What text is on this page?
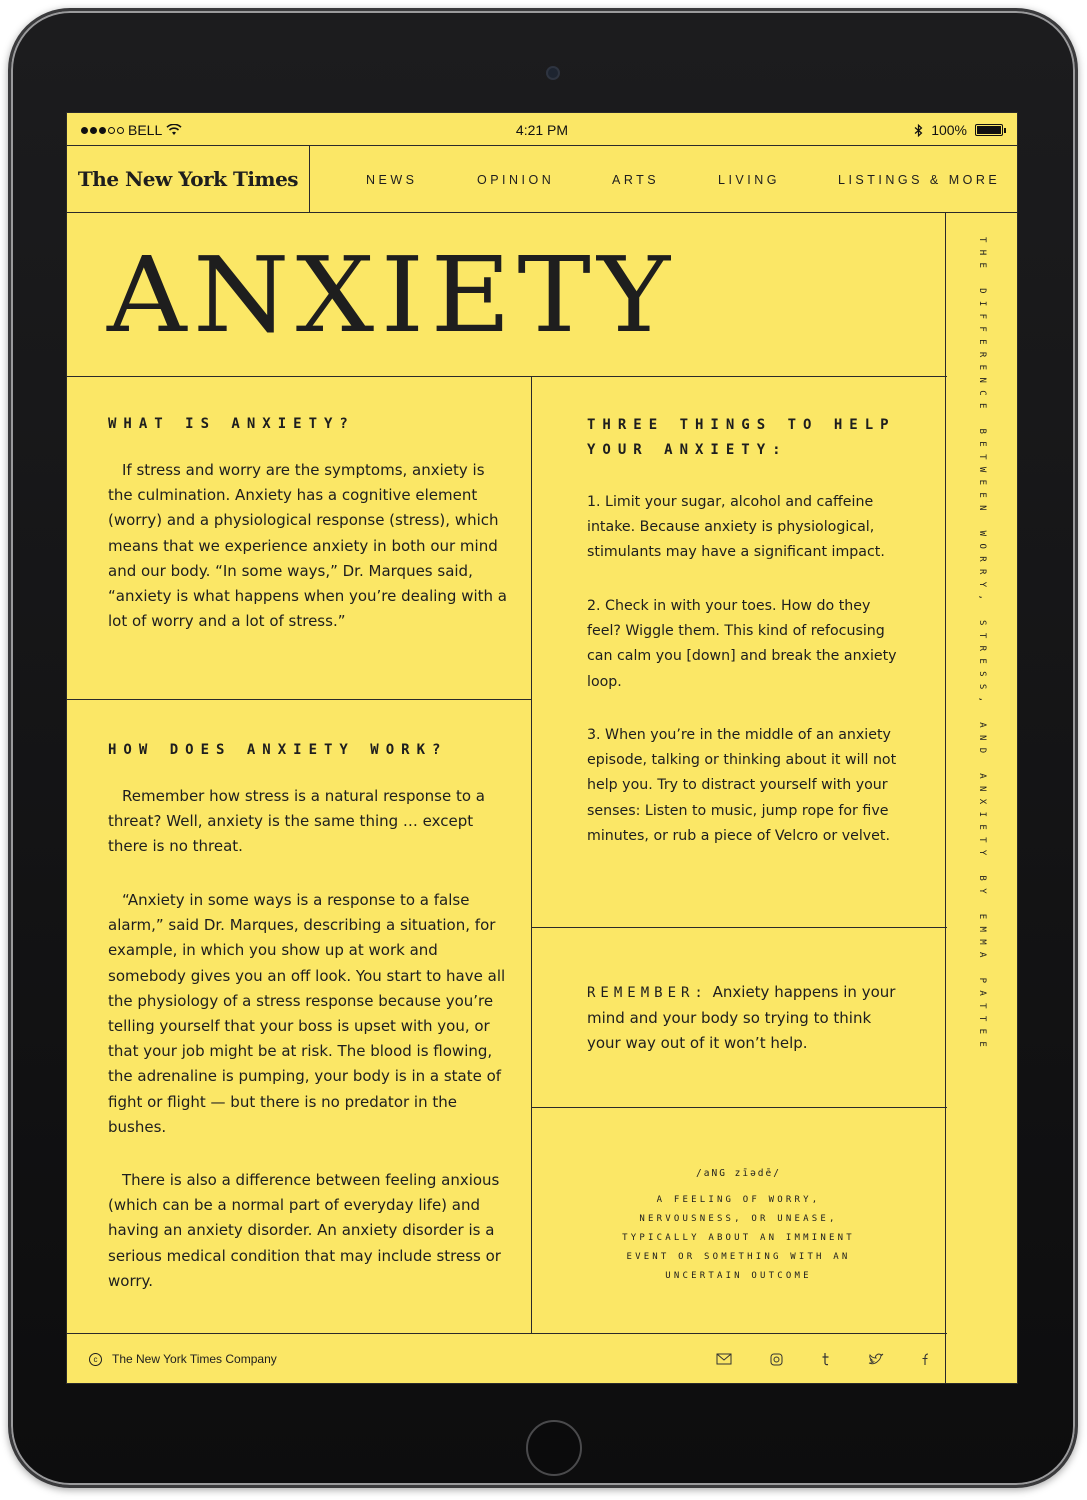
BELL	4:21 PM	100%
The New York Times	NEWS	OPINION	ARTS	LIVING	LISTINGS & MORE
THE DIFFERENCE BETWEEN WORRY, STRESS, AND ANXIETY BY EMMA PATTEE
ANXIETY
WHAT IS ANXIETY?

If stress and worry are the symptoms, anxiety is the culmination. Anxiety has a cognitive element (worry) and a physiological response (stress), which means that we experience anxiety in both our mind and our body. “In some ways,” Dr. Marques said, “anxiety is what happens when you’re dealing with a lot of worry and a lot of stress.”

HOW DOES ANXIETY WORK?

Remember how stress is a natural response to a threat? Well, anxiety is the same thing … except there is no threat.

“Anxiety in some ways is a response to a false alarm,” said Dr. Marques, describing a situation, for example, in which you show up at work and somebody gives you an off look. You start to have all the physiology of a stress response because you’re telling yourself that your boss is upset with you, or that your job might be at risk. The blood is flowing, the adrenaline is pumping, your body is in a state of fight or flight — but there is no predator in the bushes.

There is also a difference between feeling anxious (which can be a normal part of everyday life) and having an anxiety disorder. An anxiety disorder is a serious medical condition that may include stress or worry.

THREE THINGS TO HELP YOUR ANXIETY:

1. Limit your sugar, alcohol and caffeine intake. Because anxiety is physiological, stimulants may have a significant impact.

2. Check in with your toes. How do they feel? Wiggle them. This kind of refocusing can calm you [down] and break the anxiety loop.

3. When you’re in the middle of an anxiety episode, talking or thinking about it will not help you. Try to distract yourself with your senses: Listen to music, jump rope for five minutes, or rub a piece of Velcro or velvet.

REMEMBER: Anxiety happens in your mind and your body so trying to think your way out of it won’t help.

/aNG zīədē/
A FEELING OF WORRY, NERVOUSNESS, OR UNEASE, TYPICALLY ABOUT AN IMMINENT EVENT OR SOMETHING WITH AN UNCERTAIN OUTCOME
c	The New York Times Company
